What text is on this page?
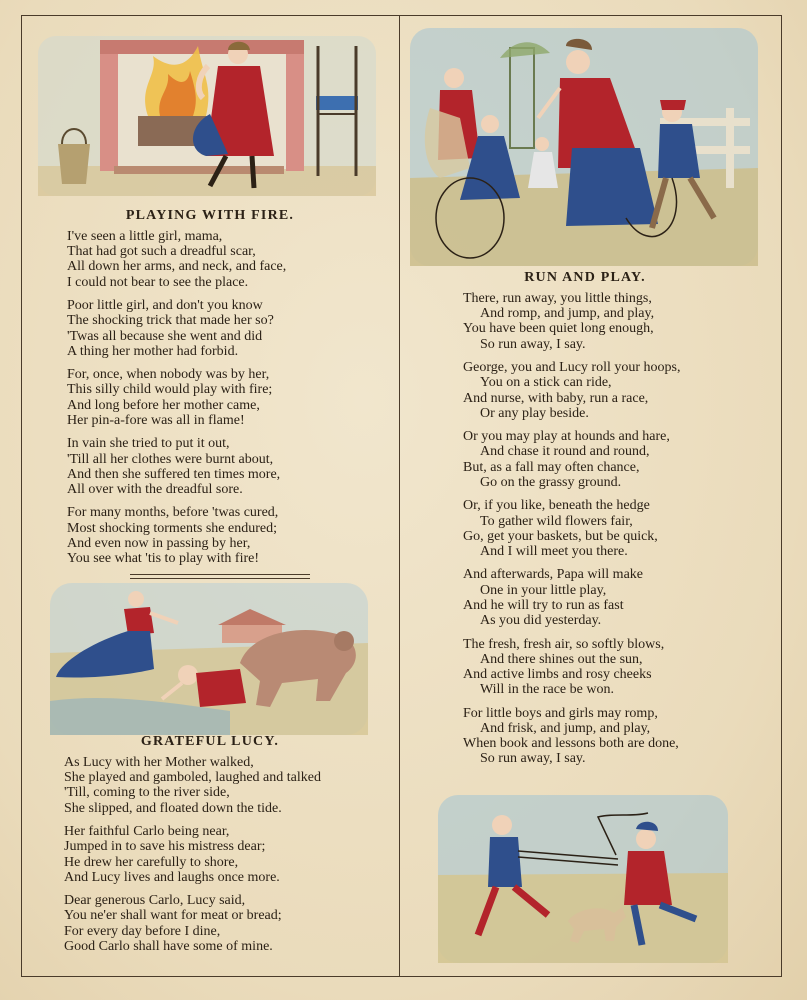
PLAYING WITH FIRE.
I've seen a little girl, mama,
That had got such a dreadful scar,
All down her arms, and neck, and face,
I could not bear to see the place.
Poor little girl, and don't you know
The shocking trick that made her so?
'Twas all because she went and did
A thing her mother had forbid.
For, once, when nobody was by her,
This silly child would play with fire;
And long before her mother came,
Her pin-a-fore was all in flame!
In vain she tried to put it out,
'Till all her clothes were burnt about,
And then she suffered ten times more,
All over with the dreadful sore.
For many months, before 'twas cured,
Most shocking torments she endured;
And even now in passing by her,
You see what 'tis to play with fire!
GRATEFUL LUCY.
As Lucy with her Mother walked,
She played and gamboled, laughed and talked
'Till, coming to the river side,
She slipped, and floated down the tide.
Her faithful Carlo being near,
Jumped in to save his mistress dear;
He drew her carefully to shore,
And Lucy lives and laughs once more.
Dear generous Carlo, Lucy said,
You ne'er shall want for meat or bread;
For every day before I dine,
Good Carlo shall have some of mine.
RUN AND PLAY.
There, run away, you little things,
And romp, and jump, and play,
You have been quiet long enough,
So run away, I say.
George, you and Lucy roll your hoops,
You on a stick can ride,
And nurse, with baby, run a race,
Or any play beside.
Or you may play at hounds and hare,
And chase it round and round,
But, as a fall may often chance,
Go on the grassy ground.
Or, if you like, beneath the hedge
To gather wild flowers fair,
Go, get your baskets, but be quick,
And I will meet you there.
And afterwards, Papa will make
One in your little play,
And he will try to run as fast
As you did yesterday.
The fresh, fresh air, so softly blows,
And there shines out the sun,
And active limbs and rosy cheeks
Will in the race be won.
For little boys and girls may romp,
And frisk, and jump, and play,
When book and lessons both are done,
So run away, I say.
